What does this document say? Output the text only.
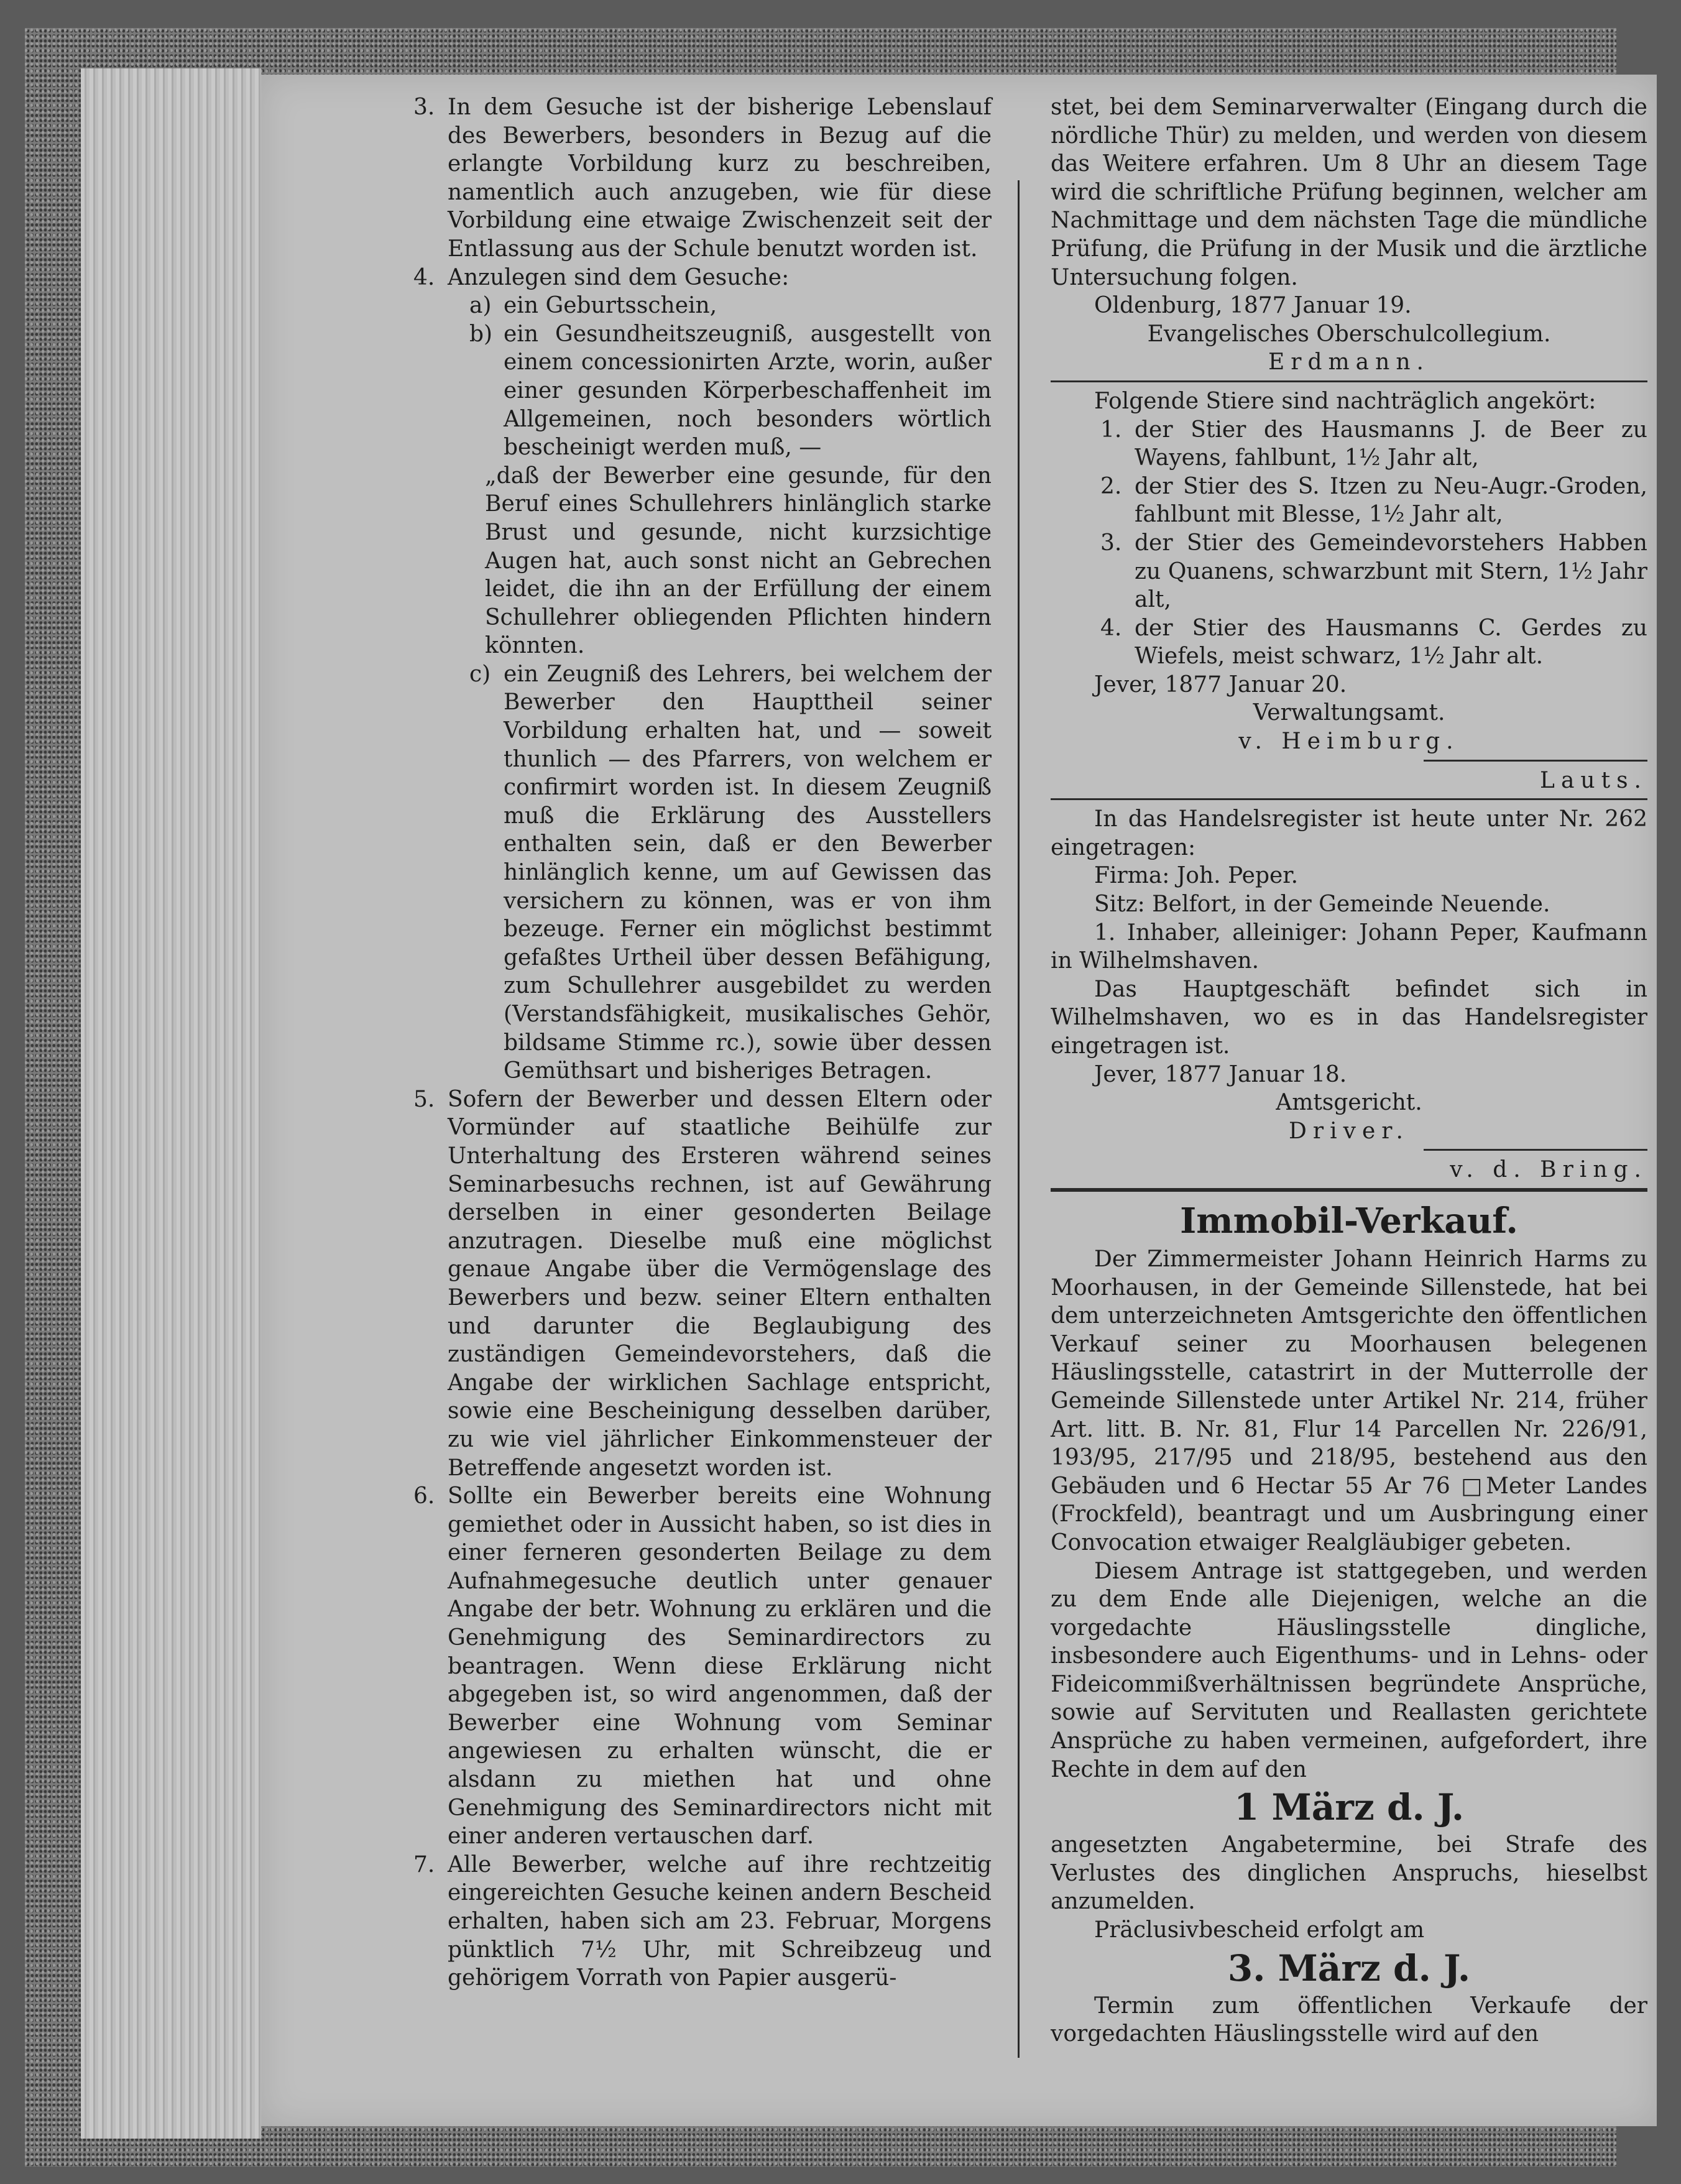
3. In dem Gesuche ist der bisherige Lebenslauf des Bewerbers, besonders in Bezug auf die erlangte Vorbildung kurz zu beschreiben, namentlich auch anzugeben, wie für diese Vorbildung eine etwaige Zwischenzeit seit der Entlassung aus der Schule benutzt worden ist.
4. Anzulegen sind dem Gesuche:
a) ein Geburtsschein,
b) ein Gesundheitszeugniß, ausgestellt von einem concessionirten Arzte, worin, außer einer gesunden Körperbeschaffenheit im Allgemeinen, noch besonders wörtlich bescheinigt werden muß, —

„daß der Bewerber eine gesunde, für den Beruf eines Schullehrers hinlänglich starke Brust und gesunde, nicht kurzsichtige Augen hat, auch sonst nicht an Gebrechen leidet, die ihn an der Erfüllung der einem Schullehrer obliegenden Pflichten hindern könnten.

c) ein Zeugniß des Lehrers, bei welchem der Bewerber den Haupttheil seiner Vorbildung erhalten hat, und — soweit thunlich — des Pfarrers, von welchem er confirmirt worden ist. In diesem Zeugniß muß die Erklärung des Ausstellers enthalten sein, daß er den Bewerber hinlänglich kenne, um auf Gewissen das versichern zu können, was er von ihm bezeuge. Ferner ein möglichst bestimmt gefaßtes Urtheil über dessen Befähigung, zum Schullehrer ausgebildet zu werden (Verstandsfähigkeit, musikalisches Gehör, bildsame Stimme rc.), sowie über dessen Gemüthsart und bisheriges Betragen.
5. Sofern der Bewerber und dessen Eltern oder Vormünder auf staatliche Beihülfe zur Unterhaltung des Ersteren während seines Seminarbesuchs rechnen, ist auf Gewährung derselben in einer gesonderten Beilage anzutragen. Dieselbe muß eine möglichst genaue Angabe über die Vermögenslage des Bewerbers und bezw. seiner Eltern enthalten und darunter die Beglaubigung des zuständigen Gemeindevorstehers, daß die Angabe der wirklichen Sachlage entspricht, sowie eine Bescheinigung desselben darüber, zu wie viel jährlicher Einkommensteuer der Betreffende angesetzt worden ist.
6. Sollte ein Bewerber bereits eine Wohnung gemiethet oder in Aussicht haben, so ist dies in einer ferneren gesonderten Beilage zu dem Aufnahmegesuche deutlich unter genauer Angabe der betr. Wohnung zu erklären und die Genehmigung des Seminardirectors zu beantragen. Wenn diese Erklärung nicht abgegeben ist, so wird angenommen, daß der Bewerber eine Wohnung vom Seminar angewiesen zu erhalten wünscht, die er alsdann zu miethen hat und ohne Genehmigung des Seminardirectors nicht mit einer anderen vertauschen darf.
7. Alle Bewerber, welche auf ihre rechtzeitig eingereichten Gesuche keinen andern Bescheid erhalten, haben sich am 23. Februar, Morgens pünktlich 7½ Uhr, mit Schreibzeug und gehörigem Vorrath von Papier ausgerü-

stet, bei dem Seminarverwalter (Eingang durch die nördliche Thür) zu melden, und werden von diesem das Weitere erfahren. Um 8 Uhr an diesem Tage wird die schriftliche Prüfung beginnen, welcher am Nachmittage und dem nächsten Tage die mündliche Prüfung, die Prüfung in der Musik und die ärztliche Untersuchung folgen.

Oldenburg, 1877 Januar 19.

Evangelisches Oberschulcollegium.

Erdmann.

Folgende Stiere sind nachträglich angekört:

1. der Stier des Hausmanns J. de Beer zu Wayens, fahlbunt, 1½ Jahr alt,
2. der Stier des S. Itzen zu Neu-Augr.-Groden, fahlbunt mit Blesse, 1½ Jahr alt,
3. der Stier des Gemeindevorstehers Habben zu Quanens, schwarzbunt mit Stern, 1½ Jahr alt,
4. der Stier des Hausmanns C. Gerdes zu Wiefels, meist schwarz, 1½ Jahr alt.

Jever, 1877 Januar 20.

Verwaltungsamt.

v. Heimburg.

Lauts.

In das Handelsregister ist heute unter Nr. 262 eingetragen:

Firma: Joh. Peper.

Sitz: Belfort, in der Gemeinde Neuende.

1. Inhaber, alleiniger: Johann Peper, Kaufmann in Wilhelmshaven.

Das Hauptgeschäft befindet sich in Wilhelmshaven, wo es in das Handelsregister eingetragen ist.

Jever, 1877 Januar 18.

Amtsgericht.

Driver.

v. d. Bring.

Immobil-Verkauf.

Der Zimmermeister Johann Heinrich Harms zu Moorhausen, in der Gemeinde Sillenstede, hat bei dem unterzeichneten Amtsgerichte den öffentlichen Verkauf seiner zu Moorhausen belegenen Häuslingsstelle, catastrirt in der Mutterrolle der Gemeinde Sillenstede unter Artikel Nr. 214, früher Art. litt. B. Nr. 81, Flur 14 Parcellen Nr. 226/91, 193/95, 217/95 und 218/95, bestehend aus den Gebäuden und 6 Hectar 55 Ar 76 □Meter Landes (Frockfeld), beantragt und um Ausbringung einer Convocation etwaiger Realgläubiger gebeten.

Diesem Antrage ist stattgegeben, und werden zu dem Ende alle Diejenigen, welche an die vorgedachte Häuslingsstelle dingliche, insbesondere auch Eigenthums- und in Lehns- oder Fideicommißverhältnissen begründete Ansprüche, sowie auf Servituten und Reallasten gerichtete Ansprüche zu haben vermeinen, aufgefordert, ihre Rechte in dem auf den

1 März d. J.

angesetzten Angabetermine, bei Strafe des Verlustes des dinglichen Anspruchs, hieselbst anzumelden.

Präclusivbescheid erfolgt am

3. März d. J.

Termin zum öffentlichen Verkaufe der vorgedachten Häuslingsstelle wird auf den
